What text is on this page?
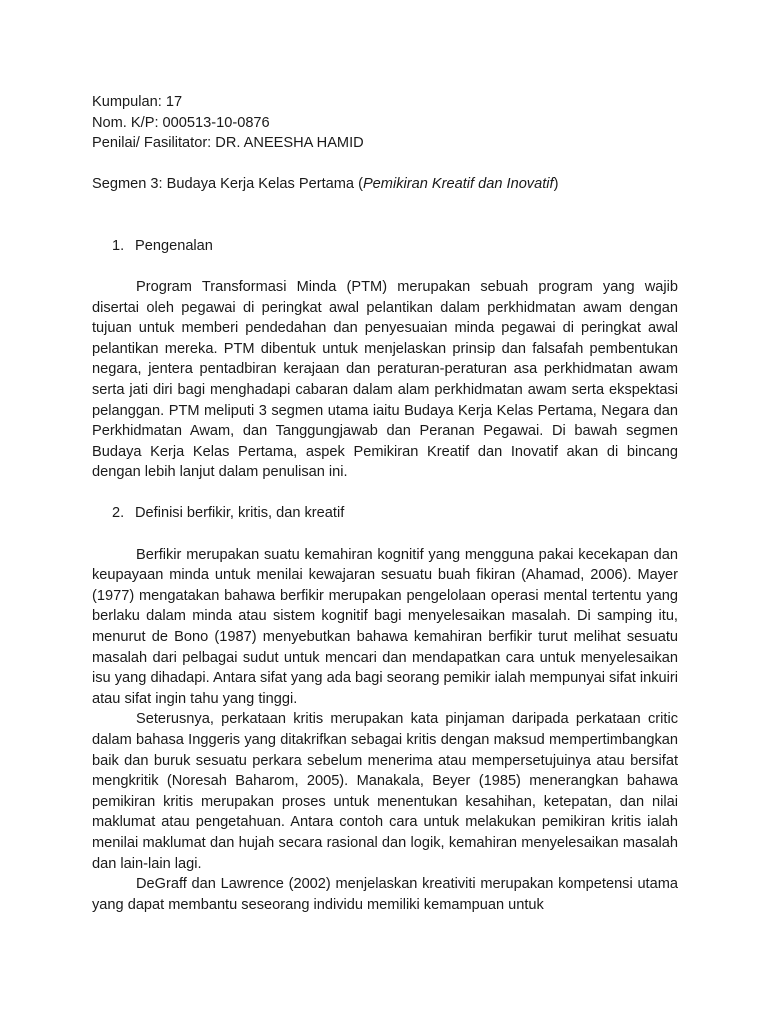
Kumpulan: 17
Nom. K/P: 000513-10-0876
Penilai/ Fasilitator: DR. ANEESHA HAMID
Segmen 3: Budaya Kerja Kelas Pertama (Pemikiran Kreatif dan Inovatif)
1. Pengenalan

Program Transformasi Minda (PTM) merupakan sebuah program yang wajib disertai oleh pegawai di peringkat awal pelantikan dalam perkhidmatan awam dengan tujuan untuk memberi pendedahan dan penyesuaian minda pegawai di peringkat awal pelantikan mereka. PTM dibentuk untuk menjelaskan prinsip dan falsafah pembentukan negara, jentera pentadbiran kerajaan dan peraturan-peraturan asa perkhidmatan awam serta jati diri bagi menghadapi cabaran dalam alam perkhidmatan awam serta ekspektasi pelanggan. PTM meliputi 3 segmen utama iaitu Budaya Kerja Kelas Pertama, Negara dan Perkhidmatan Awam, dan Tanggungjawab dan Peranan Pegawai. Di bawah segmen Budaya Kerja Kelas Pertama, aspek Pemikiran Kreatif dan Inovatif akan di bincang dengan lebih lanjut dalam penulisan ini.

2. Definisi berfikir, kritis, dan kreatif

Berfikir merupakan suatu kemahiran kognitif yang mengguna pakai kecekapan dan keupayaan minda untuk menilai kewajaran sesuatu buah fikiran (Ahamad, 2006). Mayer (1977) mengatakan bahawa berfikir merupakan pengelolaan operasi mental tertentu yang berlaku dalam minda atau sistem kognitif bagi menyelesaikan masalah. Di samping itu, menurut de Bono (1987) menyebutkan bahawa kemahiran berfikir turut melihat sesuatu masalah dari pelbagai sudut untuk mencari dan mendapatkan cara untuk menyelesaikan isu yang dihadapi. Antara sifat yang ada bagi seorang pemikir ialah mempunyai sifat inkuiri atau sifat ingin tahu yang tinggi.

Seterusnya, perkataan kritis merupakan kata pinjaman daripada perkataan critic dalam bahasa Inggeris yang ditakrifkan sebagai kritis dengan maksud mempertimbangkan baik dan buruk sesuatu perkara sebelum menerima atau mempersetujuinya atau bersifat mengkritik (Noresah Baharom, 2005). Manakala, Beyer (1985) menerangkan bahawa pemikiran kritis merupakan proses untuk menentukan kesahihan, ketepatan, dan nilai maklumat atau pengetahuan. Antara contoh cara untuk melakukan pemikiran kritis ialah menilai maklumat dan hujah secara rasional dan logik, kemahiran menyelesaikan masalah dan lain-lain lagi.

DeGraff dan Lawrence (2002) menjelaskan kreativiti merupakan kompetensi utama yang dapat membantu seseorang individu memiliki kemampuan untuk
